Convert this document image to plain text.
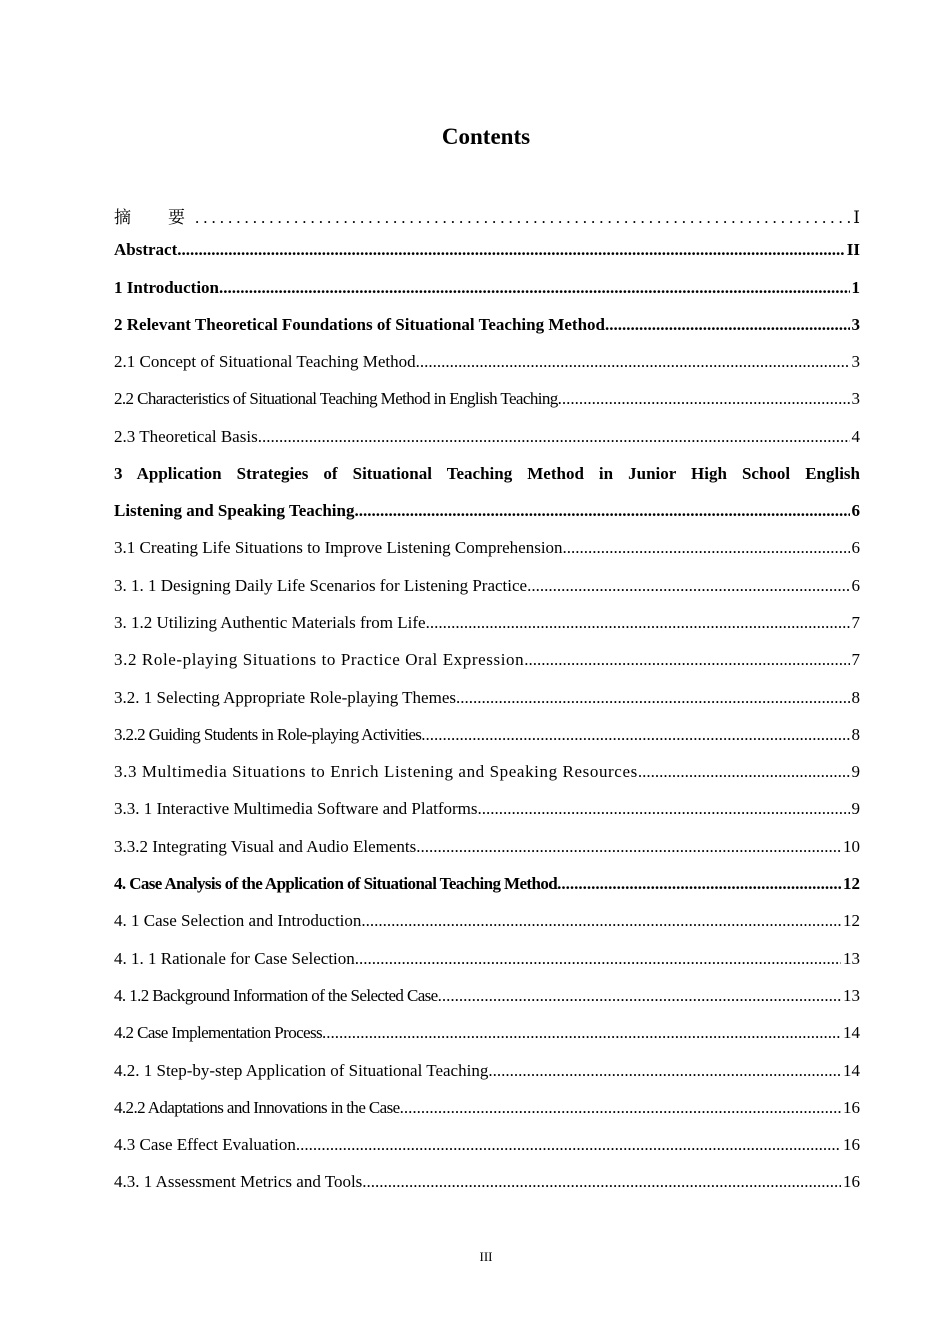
Contents
摘　要 .....	Ⅰ
Abstract .....	II
1 Introduction .....	1
2 Relevant Theoretical Foundations of Situational Teaching Method .....	3
2.1 Concept of Situational Teaching Method .....	3
2.2 Characteristics of Situational Teaching Method in English Teaching .....	3
2.3 Theoretical Basis .....	4
3 Application Strategies of Situational Teaching Method in Junior High School English
Listening and Speaking Teaching .....	6
3.1 Creating Life Situations to Improve Listening Comprehension .....	6
3. 1. 1 Designing Daily Life Scenarios for Listening Practice .....	6
3. 1.2 Utilizing Authentic Materials from Life .....	7
3.2 Role-playing Situations to Practice Oral Expression .....	7
3.2. 1 Selecting Appropriate Role-playing Themes .....	8
3.2.2 Guiding Students in Role-playing Activities .....	8
3.3 Multimedia Situations to Enrich Listening and Speaking Resources .....	9
3.3. 1 Interactive Multimedia Software and Platforms .....	9
3.3.2 Integrating Visual and Audio Elements .....	10
4. Case Analysis of the Application of Situational Teaching Method .....	12
4. 1 Case Selection and Introduction .....	12
4. 1. 1 Rationale for Case Selection .....	13
4. 1.2 Background Information of the Selected Case .....	13
4.2 Case Implementation Process .....	14
4.2. 1 Step-by-step Application of Situational Teaching .....	14
4.2.2 Adaptations and Innovations in the Case .....	16
4.3 Case Effect Evaluation .....	16
4.3. 1 Assessment Metrics and Tools .....	16
III
